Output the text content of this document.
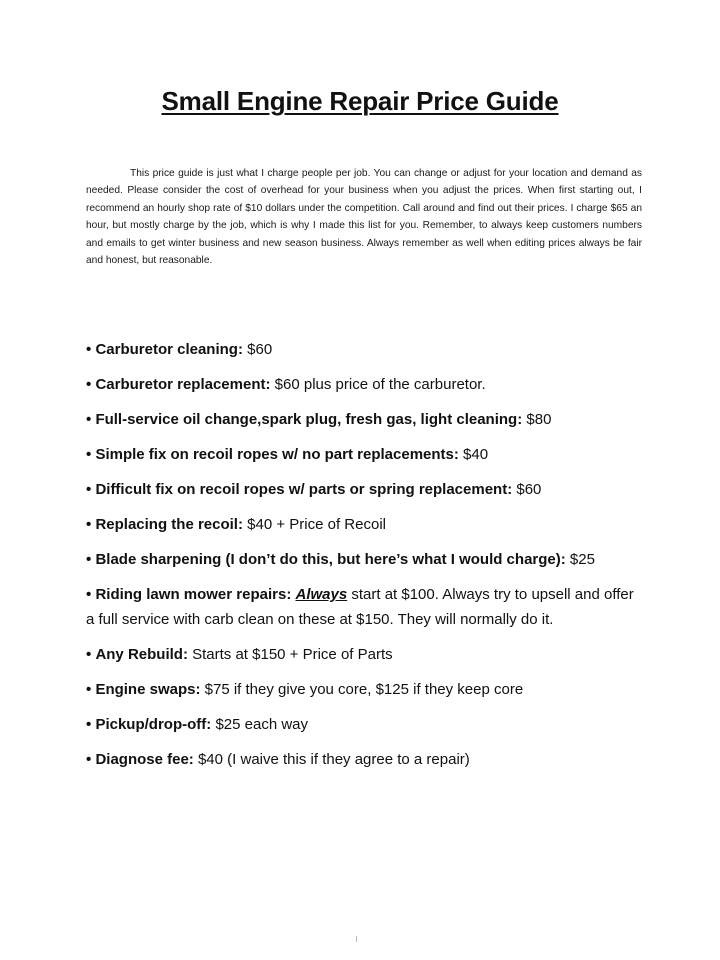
Small Engine Repair Price Guide

This price guide is just what I charge people per job. You can change or adjust for your location and demand as needed. Please consider the cost of overhead for your business when you adjust the prices. When first starting out, I recommend an hourly shop rate of $10 dollars under the competition. Call around and find out their prices. I charge $65 an hour, but mostly charge by the job, which is why I made this list for you. Remember, to always keep customers numbers and emails to get winter business and new season business. Always remember as well when editing prices always be fair and honest, but reasonable.

• Carburetor cleaning: $60
• Carburetor replacement: $60 plus price of the carburetor.
• Full-service oil change,spark plug, fresh gas, light cleaning: $80
• Simple fix on recoil ropes w/ no part replacements: $40
• Difficult fix on recoil ropes w/ parts or spring replacement: $60
• Replacing the recoil: $40 + Price of Recoil
• Blade sharpening (I don’t do this, but here’s what I would charge): $25
• Riding lawn mower repairs: Always start at $100. Always try to upsell and offer a full service with carb clean on these at $150. They will normally do it.
• Any Rebuild: Starts at $150 + Price of Parts
• Engine swaps: $75 if they give you core, $125 if they keep core
• Pickup/drop-off: $25 each way
• Diagnose fee: $40 (I waive this if they agree to a repair)
